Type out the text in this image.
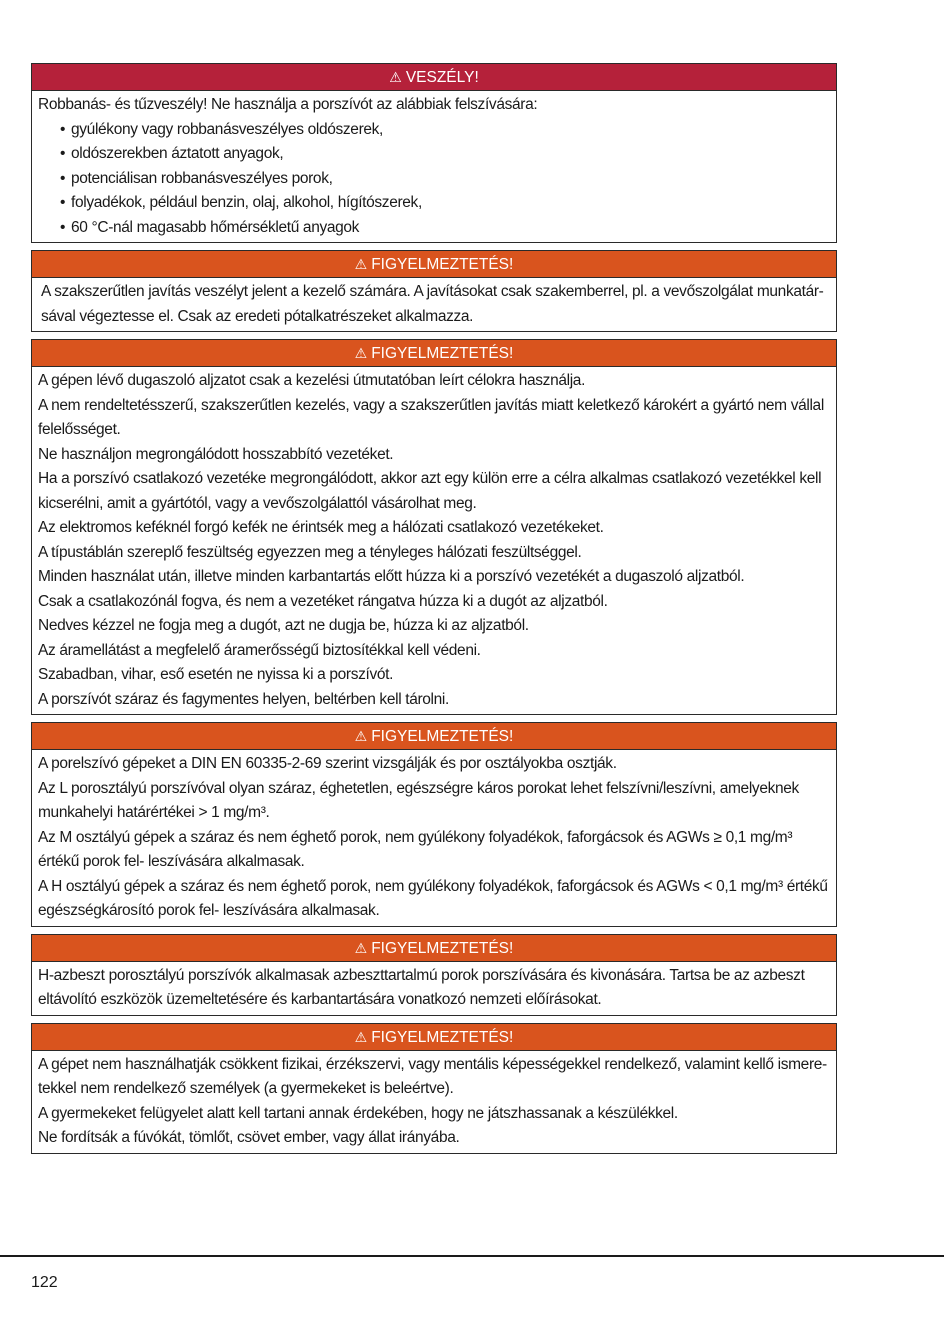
⚠ VESZÉLY!

Robbanás- és tűzveszély! Ne használja a porszívót az alábbiak felszívására:

• gyúlékony vagy robbanásveszélyes oldószerek,
• oldószerekben áztatott anyagok,
• potenciálisan robbanásveszélyes porok,
• folyadékok, például benzin, olaj, alkohol, hígítószerek,
• 60 °C-nál magasabb hőmérsékletű anyagok
⚠ FIGYELMEZTETÉS!

A szakszerűtlen javítás veszélyt jelent a kezelő számára. A javításokat csak szakemberrel, pl. a vevőszolgálat munkatár-sával végeztesse el. Csak az eredeti pótalkatrészeket alkalmazza.

⚠ FIGYELMEZTETÉS!

A gépen lévő dugaszoló aljzatot csak a kezelési útmutatóban leírt célokra használja.

A nem rendeltetésszerű, szakszerűtlen kezelés, vagy a szakszerűtlen javítás miatt keletkező károkért a gyártó nem vállal felelősséget.

Ne használjon megrongálódott hosszabbító vezetéket.

Ha a porszívó csatlakozó vezetéke megrongálódott, akkor azt egy külön erre a célra alkalmas csatlakozó vezetékkel kell kicserélni, amit a gyártótól, vagy a vevőszolgálattól vásárolhat meg.

Az elektromos keféknél forgó kefék ne érintsék meg a hálózati csatlakozó vezetékeket.

A típustáblán szereplő feszültség egyezzen meg a tényleges hálózati feszültséggel.

Minden használat után, illetve minden karbantartás előtt húzza ki a porszívó vezetékét a dugaszoló aljzatból.

Csak a csatlakozónál fogva, és nem a vezetéket rángatva húzza ki a dugót az aljzatból.

Nedves kézzel ne fogja meg a dugót, azt ne dugja be, húzza ki az aljzatból.

Az áramellátást a megfelelő áramerősségű biztosítékkal kell védeni.

Szabadban, vihar, eső esetén ne nyissa ki a porszívót.

A porszívót száraz és fagymentes helyen, beltérben kell tárolni.

⚠ FIGYELMEZTETÉS!

A porelszívó gépeket a DIN EN 60335-2-69 szerint vizsgálják és por osztályokba osztják.

Az L porosztályú porszívóval olyan száraz, éghetetlen, egészségre káros porokat lehet felszívni/leszívni, amelyeknek munkahelyi határértékei > 1 mg/m³.

Az M osztályú gépek a száraz és nem éghető porok, nem gyúlékony folyadékok, faforgácsok és AGWs ≥ 0,1 mg/m³ értékű porok fel- leszívására alkalmasak.

A H osztályú gépek a száraz és nem éghető porok, nem gyúlékony folyadékok, faforgácsok és AGWs < 0,1 mg/m³ értékű egészségkárosító porok fel- leszívására alkalmasak.

⚠ FIGYELMEZTETÉS!

H-azbeszt porosztályú porszívók alkalmasak azbeszttartalmú porok porszívására és kivonására. Tartsa be az azbeszt eltávolító eszközök üzemeltetésére és karbantartására vonatkozó nemzeti előírásokat.

⚠ FIGYELMEZTETÉS!

A gépet nem használhatják csökkent fizikai, érzékszervi, vagy mentális képességekkel rendelkező, valamint kellő ismere-tekkel nem rendelkező személyek (a gyermekeket is beleértve).

A gyermekeket felügyelet alatt kell tartani annak érdekében, hogy ne játszhassanak a készülékkel.

Ne fordítsák a fúvókát, tömlőt, csövet ember, vagy állat irányába.

122
